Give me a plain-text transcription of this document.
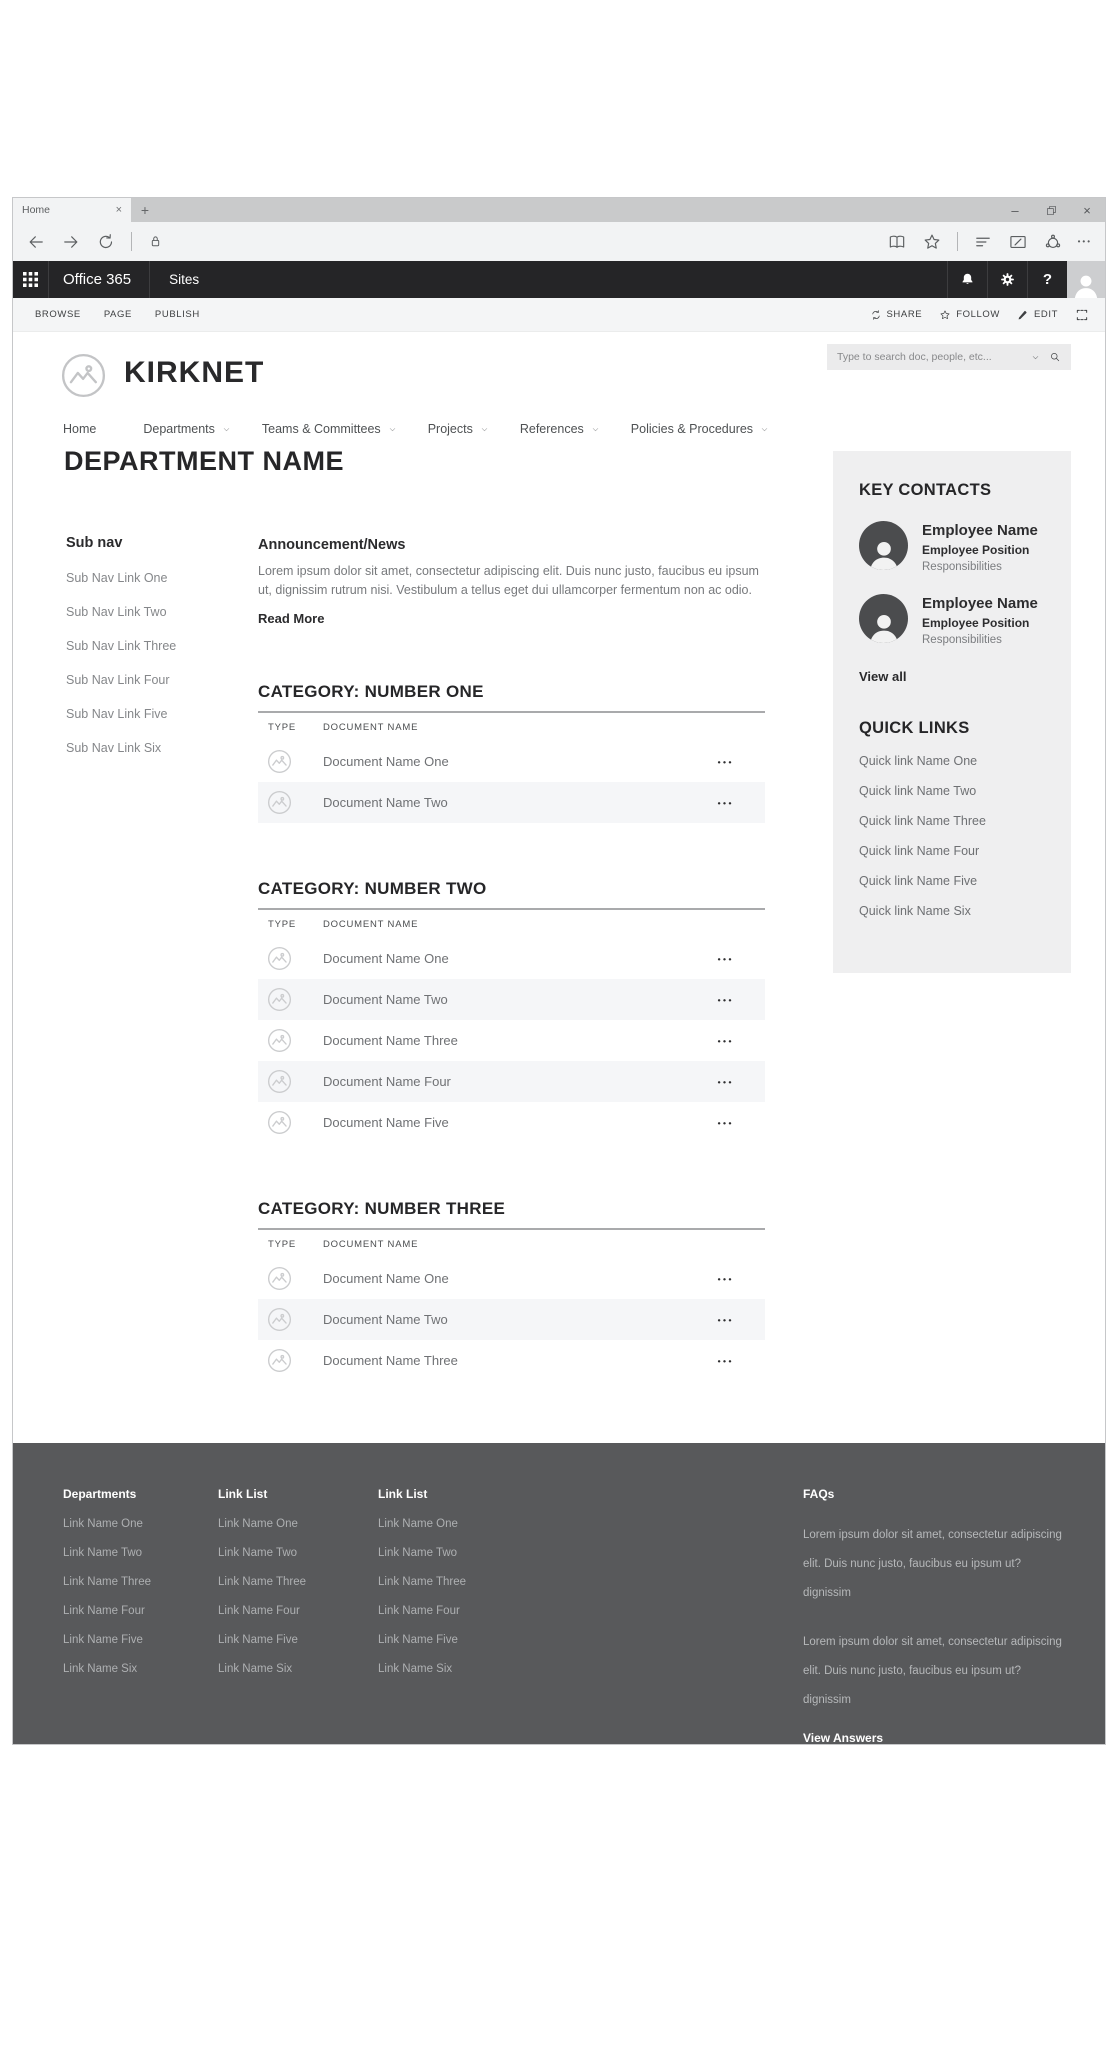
Home	×	+	–	×
•••
Office 365	Sites	?
BROWSE PAGE PUBLISH	SHARE	FOLLOW	EDIT
KIRKNET	Type to search doc, people, etc...
Home	Departments	Teams & Committees	Projects	References	Policies & Procedures
DEPARTMENT NAME
Sub nav
Sub Nav Link One
Sub Nav Link Two
Sub Nav Link Three
Sub Nav Link Four
Sub Nav Link Five
Sub Nav Link Six
Announcement/News
Lorem ipsum dolor sit amet, consectetur adipiscing elit. Duis nunc justo, faucibus eu ipsum ut, dignissim rutrum nisi. Vestibulum a tellus eget dui ullamcorper fermentum non ac odio.
Read More
CATEGORY: NUMBER ONE
TYPE	DOCUMENT NAME
Document Name One	•••
Document Name Two	•••
CATEGORY: NUMBER TWO
TYPE	DOCUMENT NAME
Document Name One	•••
Document Name Two	•••
Document Name Three	•••
Document Name Four	•••
Document Name Five	•••
CATEGORY: NUMBER THREE
TYPE	DOCUMENT NAME
Document Name One	•••
Document Name Two	•••
Document Name Three	•••
KEY CONTACTS
Employee Name
Employee Position
Responsibilities
Employee Name
Employee Position
Responsibilities
View all
QUICK LINKS
Quick link Name One
Quick link Name Two
Quick link Name Three
Quick link Name Four
Quick link Name Five
Quick link Name Six
Departments
Link Name One
Link Name Two
Link Name Three
Link Name Four
Link Name Five
Link Name Six
Link List
Link Name One
Link Name Two
Link Name Three
Link Name Four
Link Name Five
Link Name Six
Link List
Link Name One
Link Name Two
Link Name Three
Link Name Four
Link Name Five
Link Name Six
FAQs
Lorem ipsum dolor sit amet, consectetur adipiscing elit. Duis nunc justo, faucibus eu ipsum ut? dignissim
Lorem ipsum dolor sit amet, consectetur adipiscing elit. Duis nunc justo, faucibus eu ipsum ut? dignissim
View Answers
